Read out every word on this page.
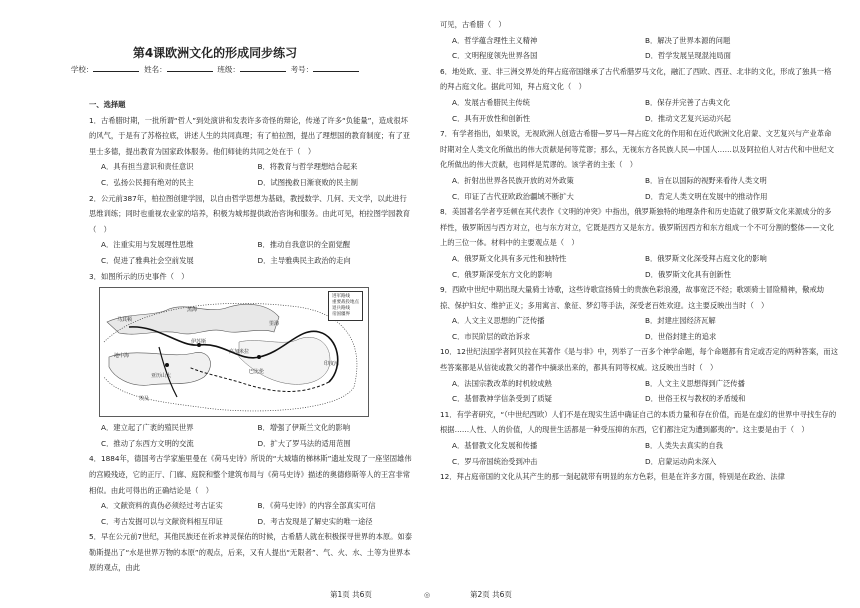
第4课欧洲文化的形成同步练习
学校：	姓名：	班级：	考号：

一、选择题

1．古希腊时期，一批所谓“哲人”到处演讲和发表许多奇怪的辩论，传递了许多“负能量”，造成很坏的风气，于是有了苏格拉底，讲述人生的共同真理；有了柏拉图，提出了理想国的教育制度；有了亚里士多德，提出教育为国家政体服务。他们师徒的共同之处在于（　）

A．具有担当意识和责任意识	B．将教育与哲学理想结合起来
C．弘扬公民拥有绝对的民主	D．试图挽救日渐衰败的民主制

2．公元前387年，柏拉图创建学园，以自由哲学思想为基础，教授数学、几何、天文学，以此进行思维训练；同时也重视农业家的培养，积极为城邦提供政治咨询和服务。由此可见，柏拉图学园教育（　）

A．注重实用与发展理性思维	B．推动自我意识的全面觉醒
C．促进了雅典社会空前发展	D．主导雅典民主政治的走向

3．如图所示的历史事件（　）

进军路线
重要战役地点
退兵路线
帝国疆界
马其顿
黑海
伊苏斯
亚历山大
埃及
巴比伦
印度河
里海
高加米拉
地中海
A．建立起了广袤的殖民世界	B．增强了伊斯兰文化的影响
C．推动了东西方文明的交流	D．扩大了罗马法的适用范围

4．1884年，德国考古学家施里曼在《荷马史诗》所说的“大城墙的梯林斯”遗址发现了一座坚固雄伟的宫殿残迹，它的正厅、门廊、庭院和整个建筑布局与《荷马史诗》描述的奥德修斯等人的王宫非常相似。由此可得出的正确结论是（　）

A．文献资料的真伪必须经过考古证实	B．《荷马史诗》的内容全部真实可信
C．考古发掘可以与文献资料相互印证	D．考古发现是了解史实的唯一途径

5．早在公元前7世纪，其他民族还在祈求神灵保佑的时候，古希腊人就在积极探寻世界的本原。如泰勒斯提出了“水是世界万物的本原”的观点，后来，又有人提出“无限者”、气、火、水、土等为世界本原的观点，由此

第1页 共6页	◎

可见，古希腊（　）

A．哲学蕴含理性主义精神	B．解决了世界本源的问题
C．文明程度领先世界各国	D．哲学发展呈现混沌局面

6．地处欧、亚、非三洲交界处的拜占庭帝国继承了古代希腊罗马文化，融汇了西欧、西亚、北非的文化，形成了独具一格的拜占庭文化。据此可知，拜占庭文化（　）

A．发展古希腊民主传统	B．保存并完善了古典文化
C．具有开放性和创新性	D．推动文艺复兴运动兴起

7．有学者指出，如果说，无视欧洲人创造古希腊—罗马—拜占庭文化的作用和在近代欧洲文化启蒙、文艺复兴与产业革命时期对全人类文化所做出的伟大贡献是何等荒谬；那么，无视东方各民族人民—中国人……以及阿拉伯人对古代和中世纪文化所做出的伟大贡献，也同样是荒谬的。该学者的主张（　）

A．折射出世界各民族开放的对外政策	B．旨在以国际的视野来看待人类文明
C．印证了古代亚欧政治疆域不断扩大	D．肯定人类文明在发展中的推动作用

8．美国著名学者亨廷顿在其代表作《文明的冲突》中指出，俄罗斯独特的地理条件和历史造就了俄罗斯文化来源成分的多样性，俄罗斯因与西方对立，也与东方对立，它既是西方又是东方。俄罗斯因西方和东方组成一个不可分割的整体——文化上的三位一体。材料中的主要观点是（　）

A．俄罗斯文化具有多元性和独特性	B．俄罗斯文化深受拜占庭文化的影响
C．俄罗斯深受东方文化的影响	D．俄罗斯文化具有创新性

9．西欧中世纪中期出现大量骑士诗歌，这些诗歌宣扬骑士的贵族色彩浪漫，故事宽泛不经；歌颂骑士冒险精神，儆戒劫掠、保护妇女、维护正义；多用寓言、象征、梦幻等手法，深受老百姓欢迎。这主要反映出当时（　）

A．人文主义思想的广泛传播	B．封建庄园经济瓦解
C．市民阶层的政治诉求	D．世俗封建主的追求

10．12世纪法国学者阿贝拉在其著作《是与非》中，列举了一百多个神学命题，每个命题都有肯定或否定的两种答案，而这些答案都是从信徒或教父的著作中摘录出来的，都具有同等权威。这反映出当时（　）

A．法国宗教改革的时机较成熟	B．人文主义思想得到广泛传播
C．基督教神学信条受到了质疑	D．世俗王权与教权的矛盾缓和

11．有学者研究，“（中世纪西欧）人们不是在现实生活中确证自己的本质力量和存在价值，而是在虚幻的世界中寻找生存的根据……人性、人的价值，人的现世生活都是一种受压抑的东西，它们都注定为遭到鄙夷的”。这主要是由于（　）

A．基督教文化发展和传播	B．人类失去真实的自我
C．罗马帝国统治受到冲击	D．启蒙运动尚未深入

12．拜占庭帝国的文化从其产生的那一刻起就带有明显的东方色彩，但是在许多方面，特别是在政治、法律

第2页 共6页
